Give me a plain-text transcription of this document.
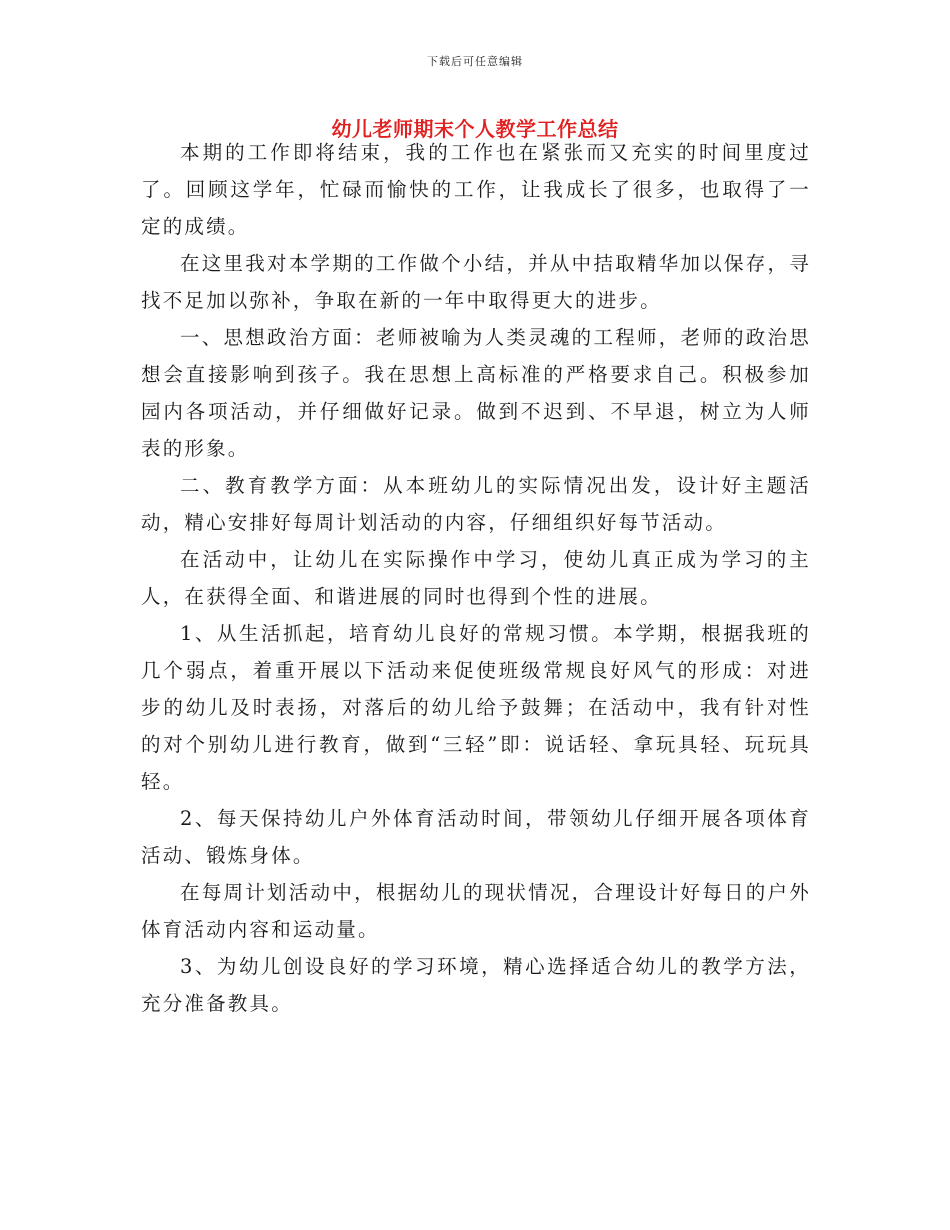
下载后可任意编辑
幼儿老师期末个人教学工作总结

本期的工作即将结束，我的工作也在紧张而又充实的时间里度过了。回顾这学年，忙碌而愉快的工作，让我成长了很多，也取得了一定的成绩。

在这里我对本学期的工作做个小结，并从中拮取精华加以保存，寻找不足加以弥补，争取在新的一年中取得更大的进步。

一、思想政治方面：老师被喻为人类灵魂的工程师，老师的政治思想会直接影响到孩子。我在思想上高标准的严格要求自己。积极参加园内各项活动，并仔细做好记录。做到不迟到、不早退，树立为人师表的形象。

二、教育教学方面：从本班幼儿的实际情况出发，设计好主题活动，精心安排好每周计划活动的内容，仔细组织好每节活动。

在活动中，让幼儿在实际操作中学习，使幼儿真正成为学习的主人，在获得全面、和谐进展的同时也得到个性的进展。

1、从生活抓起，培育幼儿良好的常规习惯。本学期，根据我班的几个弱点，着重开展以下活动来促使班级常规良好风气的形成：对进步的幼儿及时表扬，对落后的幼儿给予鼓舞；在活动中，我有针对性的对个别幼儿进行教育，做到“三轻”即：说话轻、拿玩具轻、玩玩具轻。

2、每天保持幼儿户外体育活动时间，带领幼儿仔细开展各项体育活动、锻炼身体。

在每周计划活动中，根据幼儿的现状情况，合理设计好每日的户外体育活动内容和运动量。

3、为幼儿创设良好的学习环境，精心选择适合幼儿的教学方法，充分准备教具。
